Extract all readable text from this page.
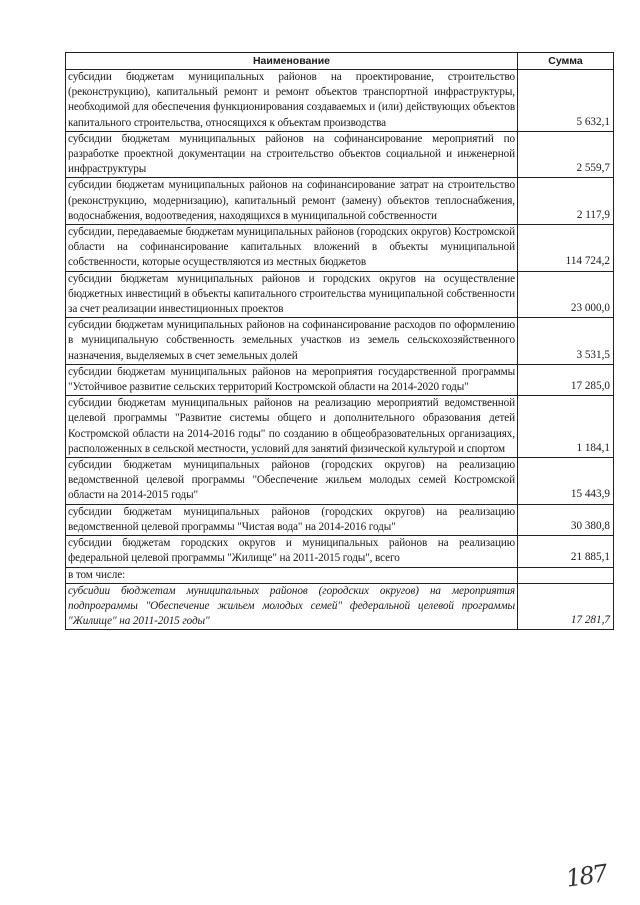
Наименование	Сумма
субсидии бюджетам муниципальных районов на проектирование, строительство (реконструкцию), капитальный ремонт и ремонт объектов транспортной инфраструктуры, необходимой для обеспечения функционирования создаваемых и (или) действующих объектов капитального строительства, относящихся к объектам производства	5 632,1
субсидии бюджетам муниципальных районов на софинансирование мероприятий по разработке проектной документации на строительство объектов социальной и инженерной инфраструктуры	2 559,7
субсидии бюджетам муниципальных районов на софинансирование затрат на строительство (реконструкцию, модернизацию), капитальный ремонт (замену) объектов теплоснабжения, водоснабжения, водоотведения, находящихся в муниципальной собственности	2 117,9
субсидии, передаваемые бюджетам муниципальных районов (городских округов) Костромской области на софинансирование капитальных вложений в объекты муниципальной собственности, которые осуществляются из местных бюджетов	114 724,2
субсидии бюджетам муниципальных районов и городских округов на осуществление бюджетных инвестиций в объекты капитального строительства муниципальной собственности за счет реализации инвестиционных проектов	23 000,0
субсидии бюджетам муниципальных районов на софинансирование расходов по оформлению в муниципальную собственность земельных участков из земель сельскохозяйственного назначения, выделяемых в счет земельных долей	3 531,5
субсидии бюджетам муниципальных районов на мероприятия государственной программы "Устойчивое развитие сельских территорий Костромской области на 2014-2020 годы"	17 285,0
субсидии бюджетам муниципальных районов на реализацию мероприятий ведомственной целевой программы "Развитие системы общего и дополнительного образования детей Костромской области на 2014-2016 годы" по созданию в общеобразовательных организациях, расположенных в сельской местности, условий для занятий физической культурой и спортом	1 184,1
субсидии бюджетам муниципальных районов (городских округов) на реализацию ведомственной целевой программы "Обеспечение жильем молодых семей Костромской области на 2014-2015 годы"	15 443,9
субсидии бюджетам муниципальных районов (городских округов) на реализацию ведомственной целевой программы "Чистая вода" на 2014-2016 годы"	30 380,8
субсидии бюджетам городских округов и муниципальных районов на реализацию федеральной целевой программы "Жилище" на 2011-2015 годы", всего	21 885,1
в том числе:	
субсидии бюджетам муниципальных районов (городских округов) на мероприятия подпрограммы "Обеспечение жильем молодых семей" федеральной целевой программы "Жилище" на 2011-2015 годы"	17 281,7
187
